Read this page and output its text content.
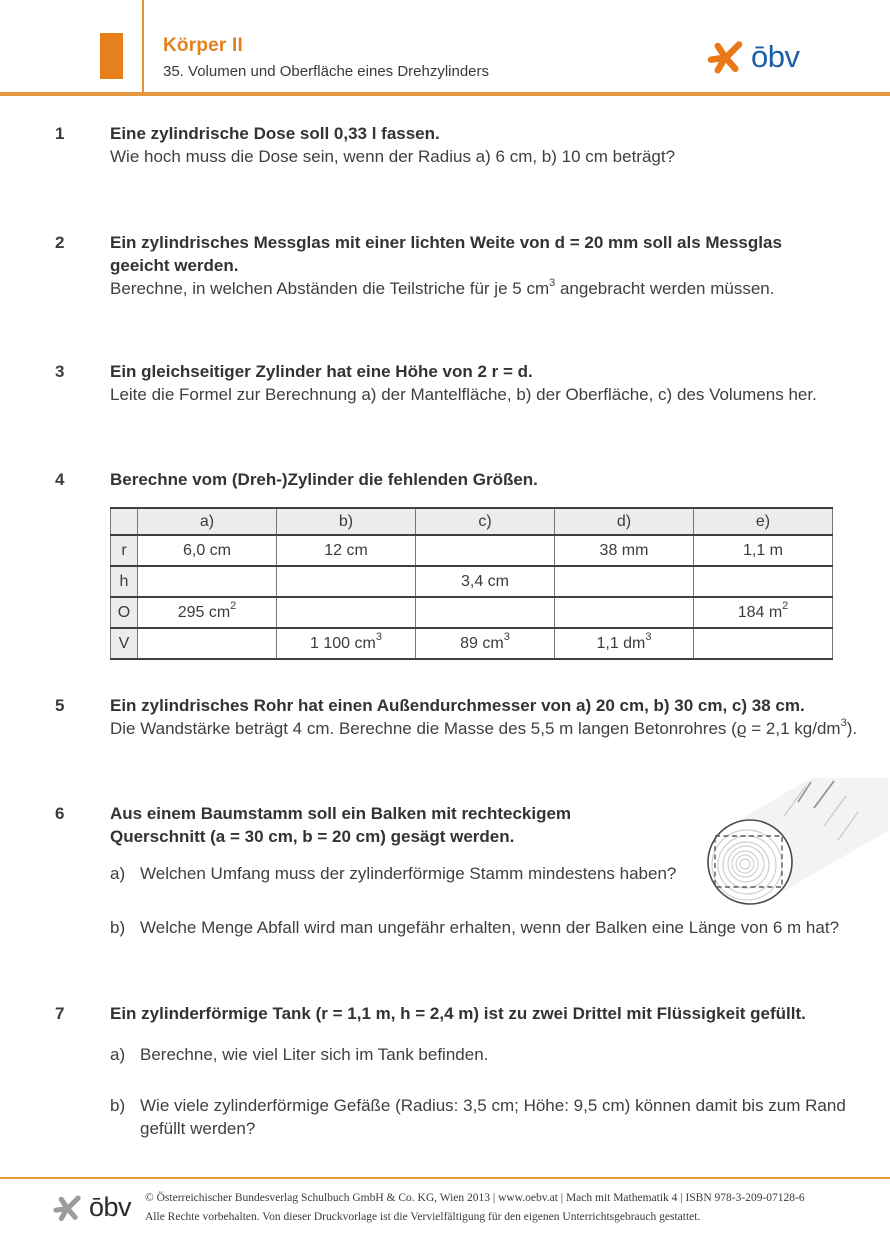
Körper II
35. Volumen und Oberfläche eines Drehzylinders	ōbv
1	Eine zylindrische Dose soll 0,33 l fassen.
Wie hoch muss die Dose sein, wenn der Radius a) 6 cm, b) 10 cm beträgt?
2	Ein zylindrisches Messglas mit einer lichten Weite von d = 20 mm soll als Messglas
geeicht werden.
Berechne, in welchen Abständen die Teilstriche für je 5 $cm^3$ angebracht werden müssen.
3	Ein gleichseitiger Zylinder hat eine Höhe von 2 r = d.
Leite die Formel zur Berechnung a) der Mantelfläche, b) der Oberfläche, c) des Volumens her.
4	Berechne vom (Dreh-)Zylinder die fehlenden Größen.
	a)	b)	c)	d)	e)
r	6,0 cm	12 cm		38 mm	1,1 m
h			3,4 cm		
O	295 $cm^2$				184 $m^2$
V		1 100 $cm^3$	89 $cm^3$	1,1 $dm^3$	
5	Ein zylindrisches Rohr hat einen Außendurchmesser von a) 20 cm, b) 30 cm, c) 38 cm.
Die Wandstärke beträgt 4 cm. Berechne die Masse des 5,5 m langen Betonrohres (ϱ = 2,1 $kg/dm^3$).
6	Aus einem Baumstamm soll ein Balken mit rechteckigem
Querschnitt (a = 30 cm, b = 20 cm) gesägt werden.
a) Welchen Umfang muss der zylinderförmige Stamm mindestens haben?
b) Welche Menge Abfall wird man ungefähr erhalten, wenn der Balken eine Länge von 6 m hat?
7	Ein zylinderförmige Tank (r = 1,1 m, h = 2,4 m) ist zu zwei Drittel mit Flüssigkeit gefüllt.
a) Berechne, wie viel Liter sich im Tank befinden.
b) Wie viele zylinderförmige Gefäße (Radius: 3,5 cm; Höhe: 9,5 cm) können damit bis zum Rand
gefüllt werden?
ōbv © Österreichischer Bundesverlag Schulbuch GmbH & Co. KG, Wien 2013 | www.oebv.at | Mach mit Mathematik 4 | ISBN 978-3-209-07128-6
Alle Rechte vorbehalten. Von dieser Druckvorlage ist die Vervielfältigung für den eigenen Unterrichtsgebrauch gestattet.
